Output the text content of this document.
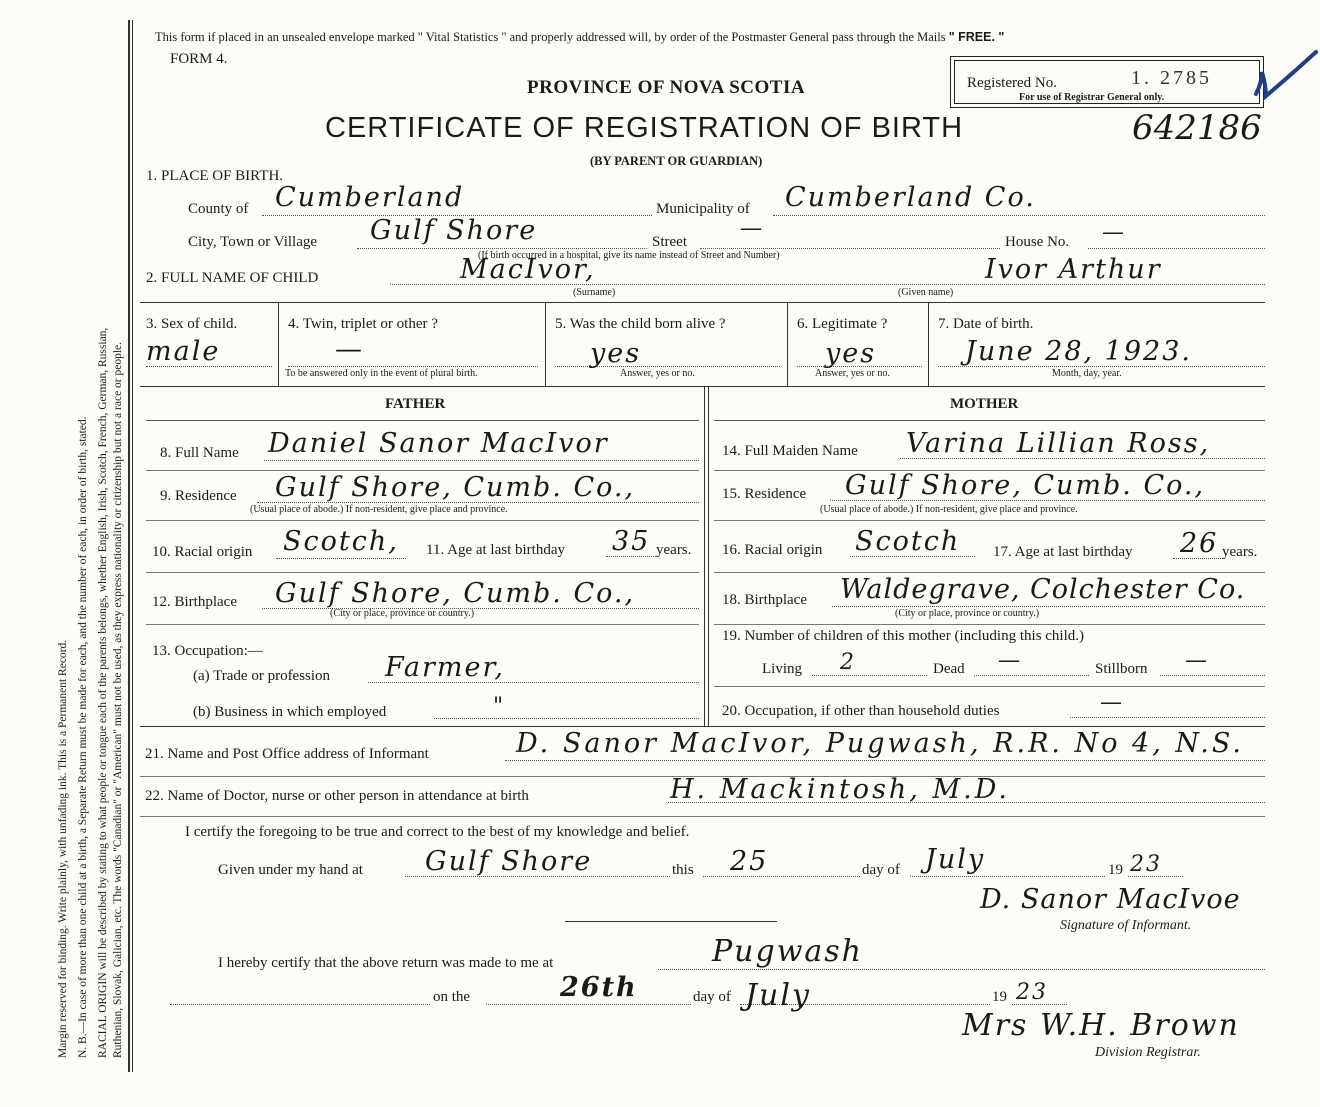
Margin reserved for binding. Write plainly, with unfading ink. This is a Permanent Record. N. B.—In case of more than one child at a birth, a Separate Return must be made for each, and the number of each, in order of birth, stated. RACIAL ORIGIN will be described by stating to what people or tongue each of the parents belongs, whether English, Irish, Scotch, French, German, Russian, Ruthenian, Slovak, Galician, etc. The words "Canadian" or "American" must not be used, as they express nationality or citizenship but not a race or people.
This form if placed in an unsealed envelope marked " Vital Statistics " and properly addressed will, by order of the Postmaster General pass through the Mails " FREE. "
FORM 4.
PROVINCE OF NOVA SCOTIA	Registered No.	1. 2785
For use of Registrar General only.
CERTIFICATE OF REGISTRATION OF BIRTH	642186
(BY PARENT OR GUARDIAN)
1. PLACE OF BIRTH.
County of Cumberland	Municipality of Cumberland Co.
City, Town or Village Gulf Shore	Street
—
House No. —
(If birth occurred in a hospital, give its name instead of Street and Number)
2. FULL NAME OF CHILD	MacIvor,	Ivor Arthur
(Surname)	(Given name)
3. Sex of child.
male
4. Twin, triplet or other ?
—
To be answered only in the event of plural birth.
5. Was the child born alive ?
yes
Answer, yes or no.
6. Legitimate ?
yes
Answer, yes or no.
7. Date of birth.
June 28, 1923.
Month, day, year.
FATHER	MOTHER
8. Full Name Daniel Sanor MacIvor
9. Residence Gulf Shore, Cumb. Co.,
(Usual place of abode.) If non-resident, give place and province.
10. Racial origin Scotch, 11. Age at last birthday 35 years.
12. Birthplace Gulf Shore, Cumb. Co.,
(City or place, province or country.)
13. Occupation:—
(a) Trade or profession Farmer,
(b) Business in which employed	"
14. Full Maiden Name Varina Lillian Ross,
15. Residence Gulf Shore, Cumb. Co.,
(Usual place of abode.) If non-resident, give place and province.
16. Racial origin Scotch 17. Age at last birthday 26 years.
18. Birthplace Waldegrave, Colchester Co.
(City or place, province or country.)
19. Number of children of this mother (including this child.)
Living 2	Dead —	Stillborn —
20. Occupation, if other than household duties	—
21. Name and Post Office address of Informant	D. Sanor MacIvor, Pugwash, R.R. No 4, N.S.
22. Name of Doctor, nurse or other person in attendance at birth	H. Mackintosh, M.D.
I certify the foregoing to be true and correct to the best of my knowledge and belief.
Given under my hand at Gulf Shore	this 25	day of July	19 23
D. Sanor MacIvoe
Signature of Informant.
I hereby certify that the above return was made to me at	Pugwash
on the	26th	day of July	19 23
Mrs W.H. Brown
Division Registrar.
